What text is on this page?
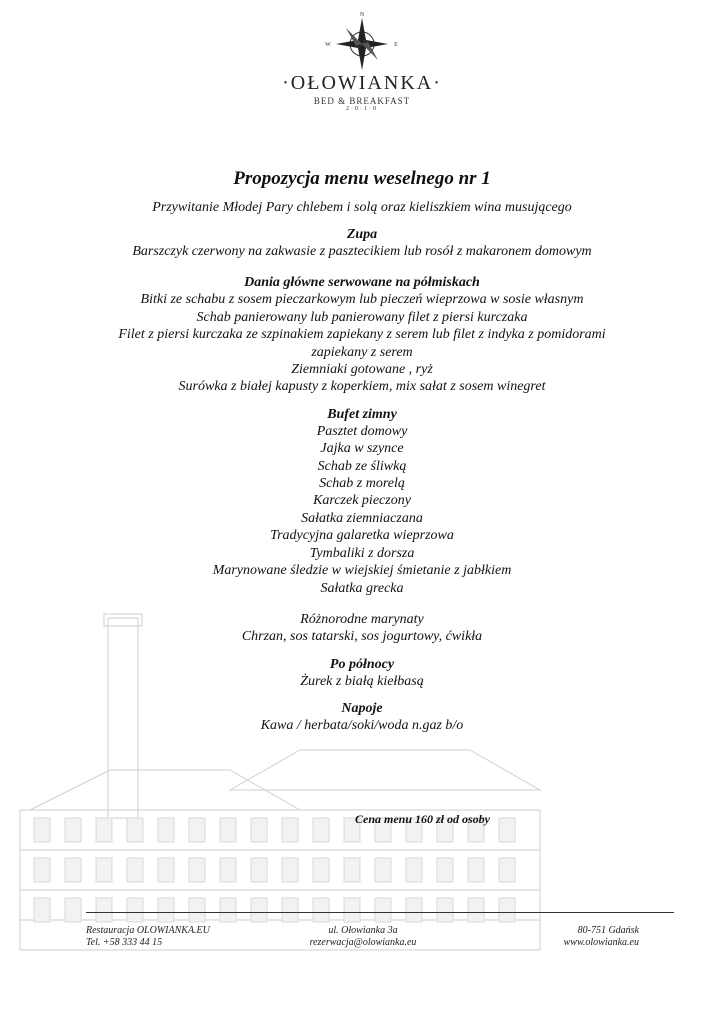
N
W	E
·OŁOWIANKA·
BED & BREAKFAST
2·0·1·0
Propozycja menu weselnego nr 1
Przywitanie Młodej Pary chlebem i solą oraz kieliszkiem wina musującego
Zupa
Barszczyk czerwony na zakwasie z pasztecikiem lub rosół z makaronem domowym
Dania główne serwowane na półmiskach
Bitki ze schabu z sosem pieczarkowym lub pieczeń wieprzowa w sosie własnym
Schab panierowany lub panierowany filet z piersi kurczaka
Filet z piersi kurczaka ze szpinakiem zapiekany z serem lub filet z indyka z pomidorami
zapiekany z serem
Ziemniaki gotowane , ryż
Surówka z białej kapusty z koperkiem, mix sałat z sosem winegret
Bufet zimny
Pasztet domowy
Jajka w szynce
Schab ze śliwką
Schab z morelą
Karczek pieczony
Sałatka ziemniaczana
Tradycyjna galaretka wieprzowa
Tymbaliki z dorsza
Marynowane śledzie w wiejskiej śmietanie z jabłkiem
Sałatka grecka
Różnorodne marynaty
Chrzan, sos tatarski, sos jogurtowy, ćwikła
Po północy
Żurek z białą kiełbasą
Napoje
Kawa / herbata/soki/woda n.gaz b/o
Cena menu 160 zł od osoby
Restauracja OLOWIANKA.EU
Tel. +58 333 44 15
ul. Ołowianka 3a
rezerwacja@olowianka.eu
80-751 Gdańsk
www.olowianka.eu
